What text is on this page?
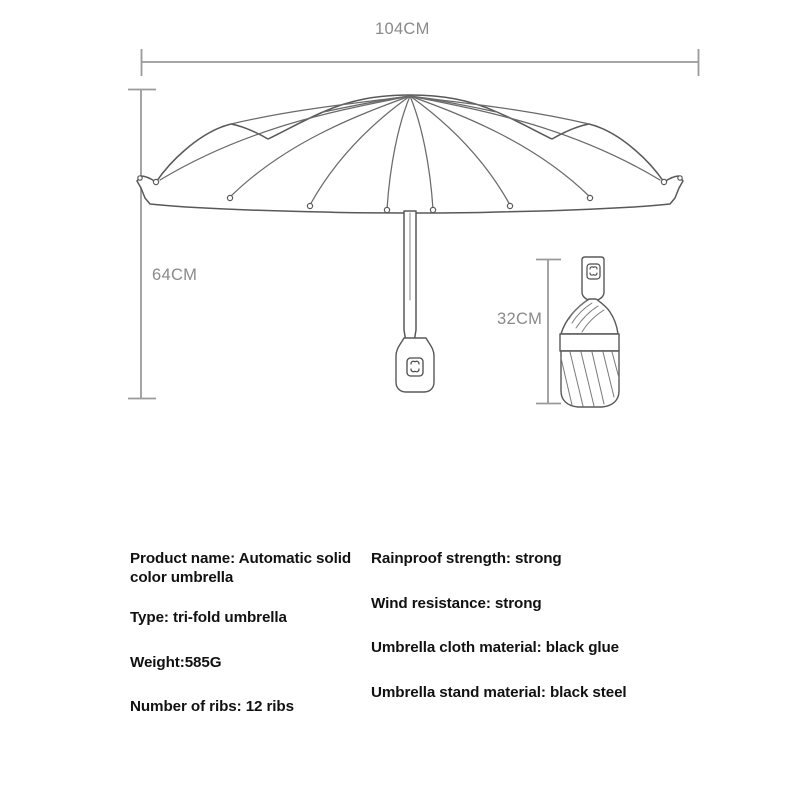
104CM
64CM
32CM
Product name: Automatic solid color umbrella
Type: tri-fold umbrella
Weight:585G
Number of ribs: 12 ribs
Rainproof strength: strong
Wind resistance: strong
Umbrella cloth material: black glue
Umbrella stand material: black steel
